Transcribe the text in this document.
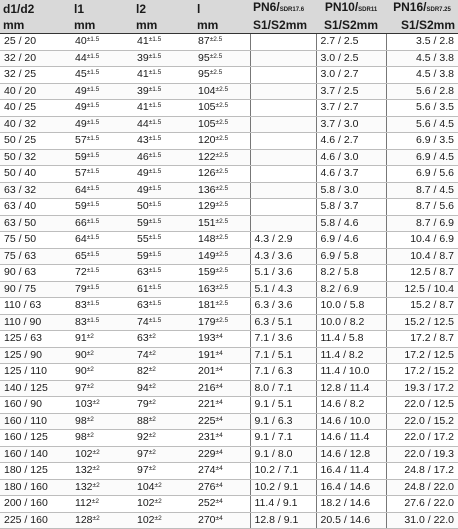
d1/d2	l1	l2	l	PN6/SDR17.6	PN10/SDR11	PN16/SDR7.25
mm	mm	mm	mm	S1/S2mm	S1/S2mm	S1/S2mm
25 / 20	$40^{\pm 1.5}$	$41^{\pm 1.5}$	$87^{\pm 2.5}$		2.7 / 2.5	3.5 / 2.8
32 / 20	$44^{\pm 1.5}$	$39^{\pm 1.5}$	$95^{\pm 2.5}$		3.0 / 2.5	4.5 / 3.8
32 / 25	$45^{\pm 1.5}$	$41^{\pm 1.5}$	$95^{\pm 2.5}$		3.0 / 2.7	4.5 / 3.8
40 / 20	$49^{\pm 1.5}$	$39^{\pm 1.5}$	$104^{\pm 2.5}$		3.7 / 2.5	5.6 / 2.8
40 / 25	$49^{\pm 1.5}$	$41^{\pm 1.5}$	$105^{\pm 2.5}$		3.7 / 2.7	5.6 / 3.5
40 / 32	$49^{\pm 1.5}$	$44^{\pm 1.5}$	$105^{\pm 2.5}$		3.7 / 3.0	5.6 / 4.5
50 / 25	$57^{\pm 1.5}$	$43^{\pm 1.5}$	$120^{\pm 2.5}$		4.6 / 2.7	6.9 / 3.5
50 / 32	$59^{\pm 1.5}$	$46^{\pm 1.5}$	$122^{\pm 2.5}$		4.6 / 3.0	6.9 / 4.5
50 / 40	$57^{\pm 1.5}$	$49^{\pm 1.5}$	$126^{\pm 2.5}$		4.6 / 3.7	6.9 / 5.6
63 / 32	$64^{\pm 1.5}$	$49^{\pm 1.5}$	$136^{\pm 2.5}$		5.8 / 3.0	8.7 / 4.5
63 / 40	$59^{\pm 1.5}$	$50^{\pm 1.5}$	$129^{\pm 2.5}$		5.8 / 3.7	8.7 / 5.6
63 / 50	$66^{\pm 1.5}$	$59^{\pm 1.5}$	$151^{\pm 2.5}$		5.8 / 4.6	8.7 / 6.9
75 / 50	$64^{\pm 1.5}$	$55^{\pm 1.5}$	$148^{\pm 2.5}$	4.3 / 2.9	6.9 / 4.6	10.4 / 6.9
75 / 63	$65^{\pm 1.5}$	$59^{\pm 1.5}$	$149^{\pm 2.5}$	4.3 / 3.6	6.9 / 5.8	10.4 / 8.7
90 / 63	$72^{\pm 1.5}$	$63^{\pm 1.5}$	$159^{\pm 2.5}$	5.1 / 3.6	8.2 / 5.8	12.5 / 8.7
90 / 75	$79^{\pm 1.5}$	$61^{\pm 1.5}$	$163^{\pm 2.5}$	5.1 / 4.3	8.2 / 6.9	12.5 / 10.4
110 / 63	$83^{\pm 1.5}$	$63^{\pm 1.5}$	$181^{\pm 2.5}$	6.3 / 3.6	10.0 / 5.8	15.2 / 8.7
110 / 90	$83^{\pm 1.5}$	$74^{\pm 1.5}$	$179^{\pm 2.5}$	6.3 / 5.1	10.0 / 8.2	15.2 / 12.5
125 / 63	$91^{\pm 2}$	$63^{\pm 2}$	$193^{\pm 4}$	7.1 / 3.6	11.4 / 5.8	17.2 / 8.7
125 / 90	$90^{\pm 2}$	$74^{\pm 2}$	$191^{\pm 4}$	7.1 / 5.1	11.4 / 8.2	17.2 / 12.5
125 / 110	$90^{\pm 2}$	$82^{\pm 2}$	$201^{\pm 4}$	7.1 / 6.3	11.4 / 10.0	17.2 / 15.2
140 / 125	$97^{\pm 2}$	$94^{\pm 2}$	$216^{\pm 4}$	8.0 / 7.1	12.8 / 11.4	19.3 / 17.2
160 / 90	$103^{\pm 2}$	$79^{\pm 2}$	$221^{\pm 4}$	9.1 / 5.1	14.6 / 8.2	22.0 / 12.5
160 / 110	$98^{\pm 2}$	$88^{\pm 2}$	$225^{\pm 4}$	9.1 / 6.3	14.6 / 10.0	22.0 / 15.2
160 / 125	$98^{\pm 2}$	$92^{\pm 2}$	$231^{\pm 4}$	9.1 / 7.1	14.6 / 11.4	22.0 / 17.2
160 / 140	$102^{\pm 2}$	$97^{\pm 2}$	$229^{\pm 4}$	9.1 / 8.0	14.6 / 12.8	22.0 / 19.3
180 / 125	$132^{\pm 2}$	$97^{\pm 2}$	$274^{\pm 4}$	10.2 / 7.1	16.4 / 11.4	24.8 / 17.2
180 / 160	$132^{\pm 2}$	$104^{\pm 2}$	$276^{\pm 4}$	10.2 / 9.1	16.4 / 14.6	24.8 / 22.0
200 / 160	$112^{\pm 2}$	$102^{\pm 2}$	$252^{\pm 4}$	11.4 / 9.1	18.2 / 14.6	27.6 / 22.0
225 / 160	$128^{\pm 2}$	$102^{\pm 2}$	$270^{\pm 4}$	12.8 / 9.1	20.5 / 14.6	31.0 / 22.0
